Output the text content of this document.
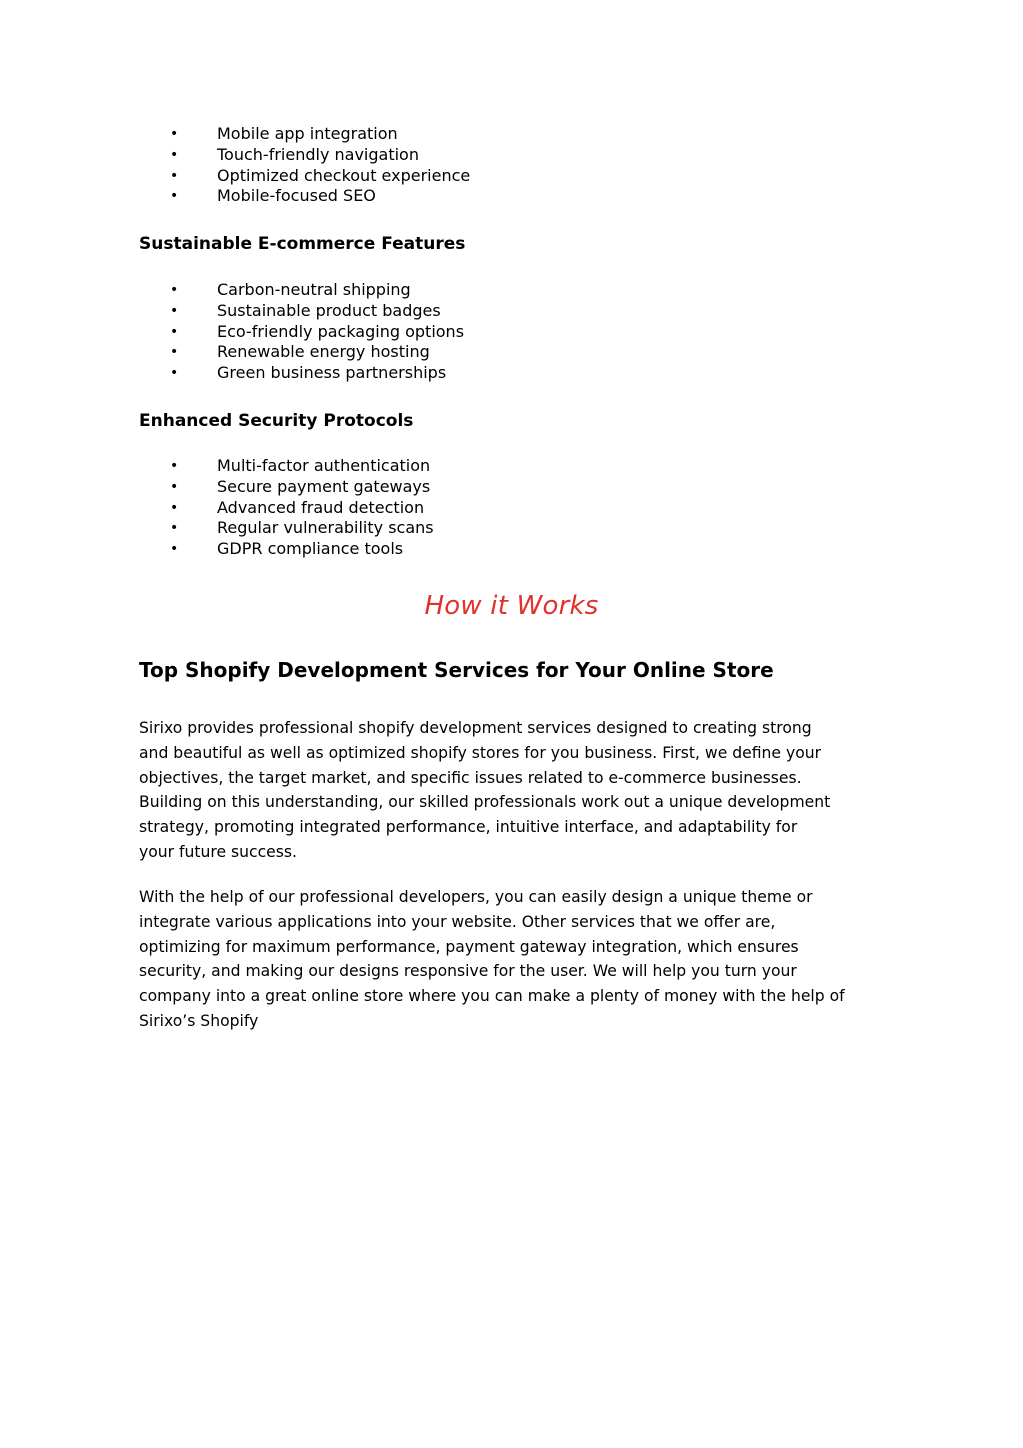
• Mobile app integration
• Touch-friendly navigation
• Optimized checkout experience
• Mobile-focused SEO
Sustainable E-commerce Features
• Carbon-neutral shipping
• Sustainable product badges
• Eco-friendly packaging options
• Renewable energy hosting
• Green business partnerships
Enhanced Security Protocols
• Multi-factor authentication
• Secure payment gateways
• Advanced fraud detection
• Regular vulnerability scans
• GDPR compliance tools
How it Works
Top Shopify Development Services for Your Online Store
Sirixo provides professional shopify development services designed to creating strong
and beautiful as well as optimized shopify stores for you business. First, we define your
objectives, the target market, and specific issues related to e-commerce businesses.
Building on this understanding, our skilled professionals work out a unique development
strategy, promoting integrated performance, intuitive interface, and adaptability for
your future success.
With the help of our professional developers, you can easily design a unique theme or
integrate various applications into your website. Other services that we offer are,
optimizing for maximum performance, payment gateway integration, which ensures
security, and making our designs responsive for the user. We will help you turn your
company into a great online store where you can make a plenty of money with the help of
Sirixo’s Shopify
